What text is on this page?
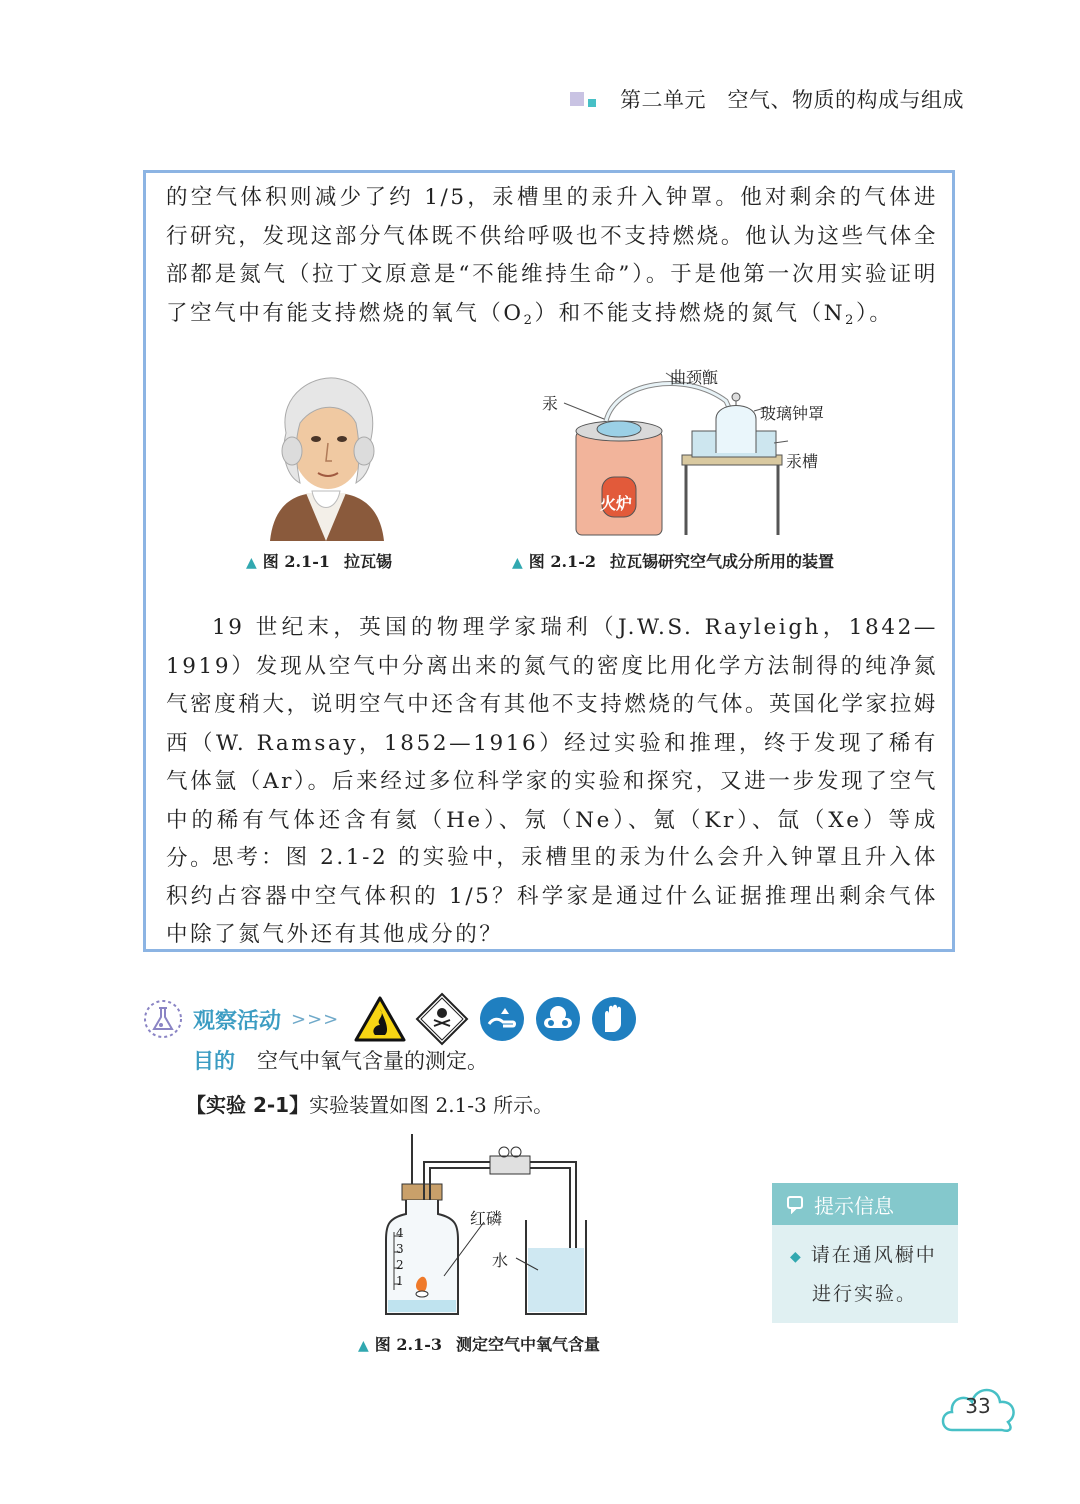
第二单元　空气、物质的构成与组成

的空气体积则减少了约 1/5，汞槽里的汞升入钟罩。他对剩余的气体进行研究，发现这部分气体既不供给呼吸也不支持燃烧。他认为这些气体全部都是氮气（拉丁文原意是“不能维持生命”）。于是他第一次用实验证明了空气中有能支持燃烧的氧气$(O_2)$和不能支持燃烧的氮气$(N_2)$。

曲颈甑
汞
玻璃钟罩
汞槽
火炉
▲ 图 2.1-1 拉瓦锡	▲ 图 2.1-2 拉瓦锡研究空气成分所用的装置

19 世纪末，英国的物理学家瑞利（J.W.S. Rayleigh，1842—1919）发现从空气中分离出来的氮气的密度比用化学方法制得的纯净氮气密度稍大，说明空气中还含有其他不支持燃烧的气体。英国化学家拉姆西（W. Ramsay，1852—1916）经过实验和推理，终于发现了稀有气体氩（Ar）。后来经过多位科学家的实验和探究，又进一步发现了空气中的稀有气体还含有氦（He）、氖（Ne）、氪（Kr）、氙（Xe）等成分。

思考：图 2.1-2 的实验中，汞槽里的汞为什么会升入钟罩且升入体积约占容器中空气体积的 1/5？科学家是通过什么证据推理出剩余气体中除了氮气外还有其他成分的？

观察活动 >>>
目的 空气中氧气含量的测定。
【实验 2-1】实验装置如图 2.1-3 所示。
红磷
水
4
3
2
1
▲ 图 2.1-3 测定空气中氧气含量
提示信息
◆ 请在通风橱中
进行实验。
33
